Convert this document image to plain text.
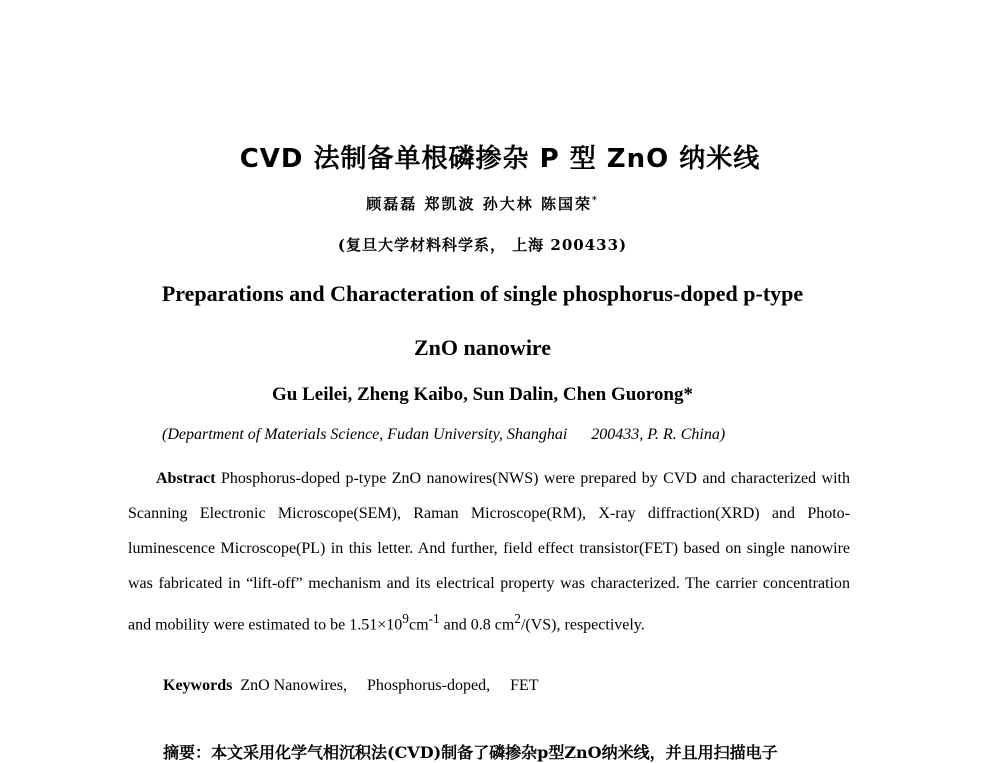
CVD 法制备单根磷掺杂 P 型 ZnO 纳米线
顾磊磊 郑凯波 孙大林 陈国荣*
(复旦大学材料科学系， 上海 200433)
Preparations and Characteration of single phosphorus-doped p-type
ZnO nanowire
Gu Leilei, Zheng Kaibo, Sun Dalin, Chen Guorong*
(Department of Materials Science, Fudan University, Shanghai      200433, P. R. China)

Abstract Phosphorus-doped p-type ZnO nanowires(NWS) were prepared by CVD and characterized with Scanning Electronic Microscope(SEM), Raman Microscope(RM), X-ray diffraction(XRD) and Photo-luminescence Microscope(PL) in this letter. And further, field effect transistor(FET) based on single nanowire was fabricated in “lift-off” mechanism and its electrical property was characterized. The carrier concentration and mobility were estimated to be $1.51\times 10^9cm^{-1}$ and 0.8 $cm^2/(VS)$, respectively.

Keywords  ZnO Nanowires,     Phosphorus-doped,     FET
摘要：本文采用化学气相沉积法(CVD)制备了磷掺杂p型ZnO纳米线，并且用扫描电子
